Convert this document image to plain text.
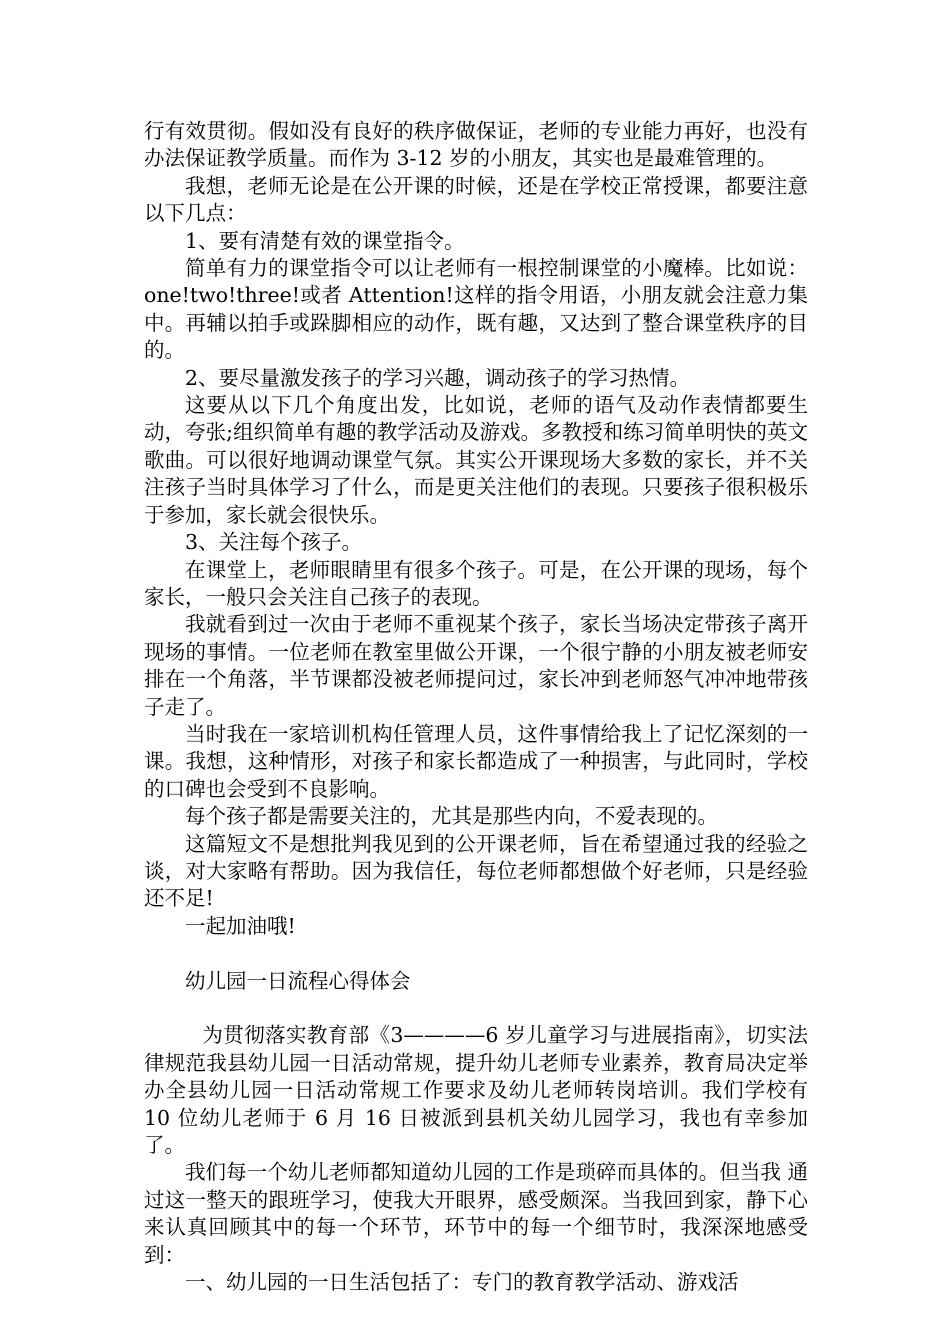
行有效贯彻。假如没有良好的秩序做保证，老师的专业能力再好，也没有办法保证教学质量。而作为 3-12 岁的小朋友，其实也是最难管理的。

我想，老师无论是在公开课的时候，还是在学校正常授课，都要注意以下几点：

1、要有清楚有效的课堂指令。

简单有力的课堂指令可以让老师有一根控制课堂的小魔棒。比如说：one!two!three!或者 Attention!这样的指令用语，小朋友就会注意力集中。再辅以拍手或跺脚相应的动作，既有趣，又达到了整合课堂秩序的目的。

2、要尽量激发孩子的学习兴趣，调动孩子的学习热情。

这要从以下几个角度出发，比如说，老师的语气及动作表情都要生动，夸张;组织简单有趣的教学活动及游戏。多教授和练习简单明快的英文歌曲。可以很好地调动课堂气氛。其实公开课现场大多数的家长，并不关注孩子当时具体学习了什么，而是更关注他们的表现。只要孩子很积极乐于参加，家长就会很快乐。

3、关注每个孩子。

在课堂上，老师眼睛里有很多个孩子。可是，在公开课的现场，每个家长，一般只会关注自己孩子的表现。

我就看到过一次由于老师不重视某个孩子，家长当场决定带孩子离开现场的事情。一位老师在教室里做公开课，一个很宁静的小朋友被老师安排在一个角落，半节课都没被老师提问过，家长冲到老师怒气冲冲地带孩子走了。

当时我在一家培训机构任管理人员，这件事情给我上了记忆深刻的一课。我想，这种情形，对孩子和家长都造成了一种损害，与此同时，学校的口碑也会受到不良影响。

每个孩子都是需要关注的，尤其是那些内向，不爱表现的。

这篇短文不是想批判我见到的公开课老师，旨在希望通过我的经验之谈，对大家略有帮助。因为我信任，每位老师都想做个好老师，只是经验还不足!

一起加油哦!

幼儿园一日流程心得体会

为贯彻落实教育部《3————6 岁儿童学习与进展指南》，切实法律规范我县幼儿园一日活动常规，提升幼儿老师专业素养，教育局决定举办全县幼儿园一日活动常规工作要求及幼儿老师转岗培训。我们学校有 10 位幼儿老师于 6 月 16 日被派到县机关幼儿园学习，我也有幸参加了。

我们每一个幼儿老师都知道幼儿园的工作是琐碎而具体的。但当我 通过这一整天的跟班学习，使我大开眼界，感受颇深。当我回到家，静下心来认真回顾其中的每一个环节，环节中的每一个细节时，我深深地感受到：

一、幼儿园的一日生活包括了：专门的教育教学活动、游戏活
